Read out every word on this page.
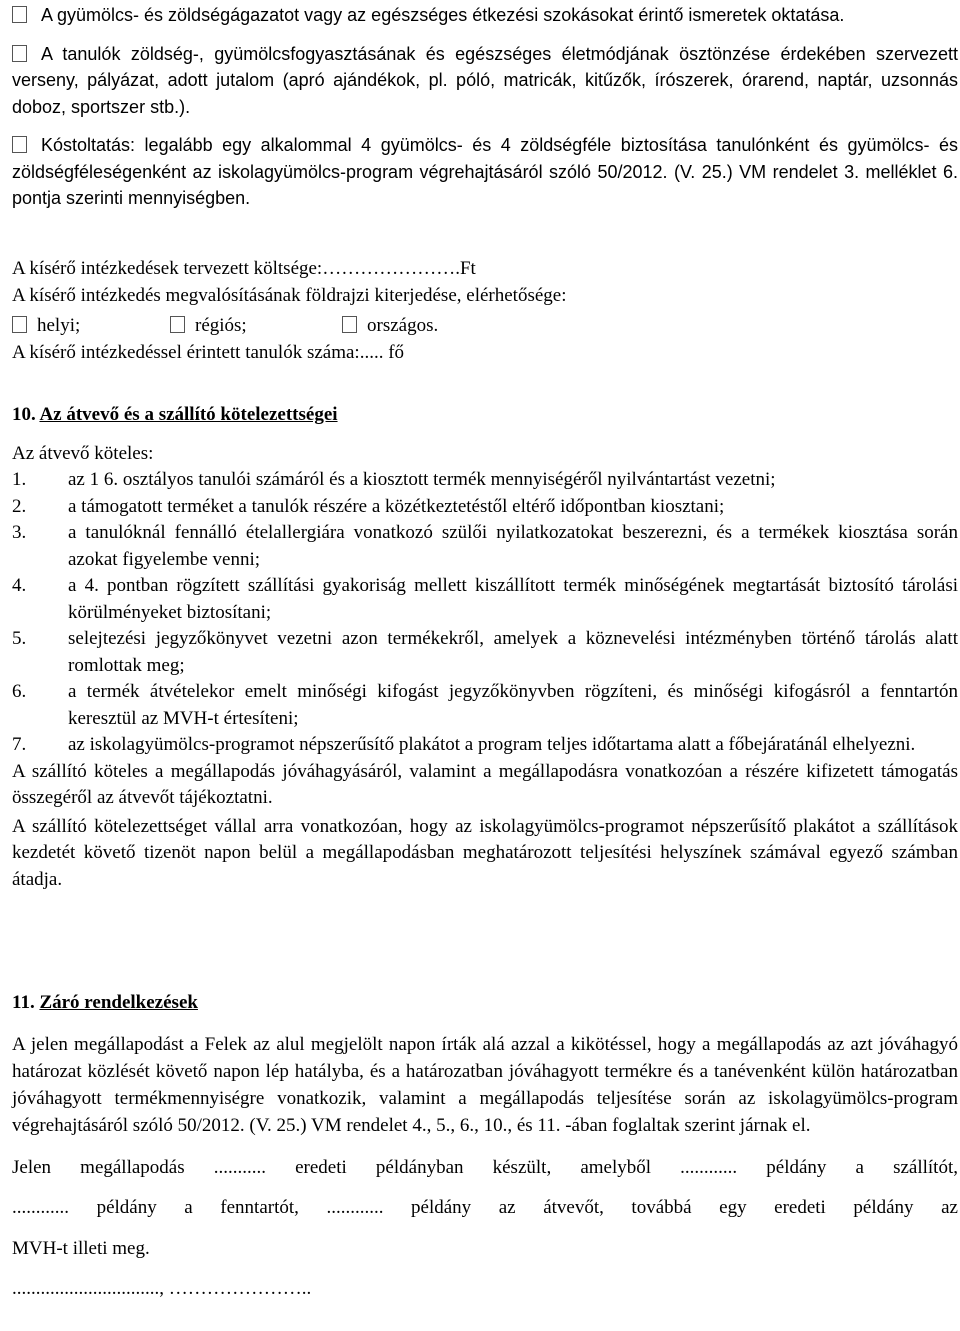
A gyümölcs- és zöldségágazatot vagy az egészséges étkezési szokásokat érintő ismeretek oktatása.

A tanulók zöldség-, gyümölcsfogyasztásának és egészséges életmódjának ösztönzése érdekében szervezett verseny, pályázat, adott jutalom (apró ajándékok, pl. póló, matricák, kitűzők, írószerek, órarend, naptár, uzsonnás doboz, sportszer stb.).

Kóstoltatás: legalább egy alkalommal 4 gyümölcs- és 4 zöldségféle biztosítása tanulónként és gyümölcs- és zöldségféleségenként az iskolagyümölcs-program végrehajtásáról szóló 50/2012. (V. 25.) VM rendelet 3. melléklet 6. pontja szerinti mennyiségben.

A kísérő intézkedések tervezett költsége:………………….Ft

A kísérő intézkedés megvalósításának földrajzi kiterjedése, elérhetősége:

helyi;	régiós;	országos.

A kísérő intézkedéssel érintett tanulók száma:..... fő

10. Az átvevő és a szállító kötelezettségei

Az átvevő köteles:

1.	az 1 6. osztályos tanulói számáról és a kiosztott termék mennyiségéről nyilvántartást vezetni;
2.	a támogatott terméket a tanulók részére a közétkeztetéstől eltérő időpontban kiosztani;
3.	a tanulóknál fennálló ételallergiára vonatkozó szülői nyilatkozatokat beszerezni, és a termékek kiosztása során azokat figyelembe venni;
4.	a 4. pontban rögzített szállítási gyakoriság mellett kiszállított termék minőségének megtartását biztosító tárolási körülményeket biztosítani;
5.	selejtezési jegyzőkönyvet vezetni azon termékekről, amelyek a köznevelési intézményben történő tárolás alatt romlottak meg;
6.	a termék átvételekor emelt minőségi kifogást jegyzőkönyvben rögzíteni, és minőségi kifogásról a fenntartón keresztül az MVH-t értesíteni;
7.	az iskolagyümölcs-programot népszerűsítő plakátot a program teljes időtartama alatt a főbejáratánál elhelyezni.

A szállító köteles a megállapodás jóváhagyásáról, valamint a megállapodásra vonatkozóan a részére kifizetett támogatás összegéről az átvevőt tájékoztatni.

A szállító kötelezettséget vállal arra vonatkozóan, hogy az iskolagyümölcs-programot népszerűsítő plakátot a szállítások kezdetét követő tizenöt napon belül a megállapodásban meghatározott teljesítési helyszínek számával egyező számban átadja.

11. Záró rendelkezések

A jelen megállapodást a Felek az alul megjelölt napon írták alá azzal a kikötéssel, hogy a megállapodás az azt jóváhagyó határozat közlését követő napon lép hatályba, és a határozatban jóváhagyott termékre és a tanévenként külön határozatban jóváhagyott termékmennyiségre vonatkozik, valamint a megállapodás teljesítése során az iskolagyümölcs-program végrehajtásáról szóló 50/2012. (V. 25.) VM rendelet 4., 5., 6., 10., és 11. -ában foglaltak szerint járnak el.

Jelen megállapodás ........... eredeti példányban készült, amelyből ............ példány a szállítót,

............ példány a fenntartót, ............ példány az átvevőt, továbbá egy eredeti példány az

MVH-t illeti meg.

..............................., …………………..
